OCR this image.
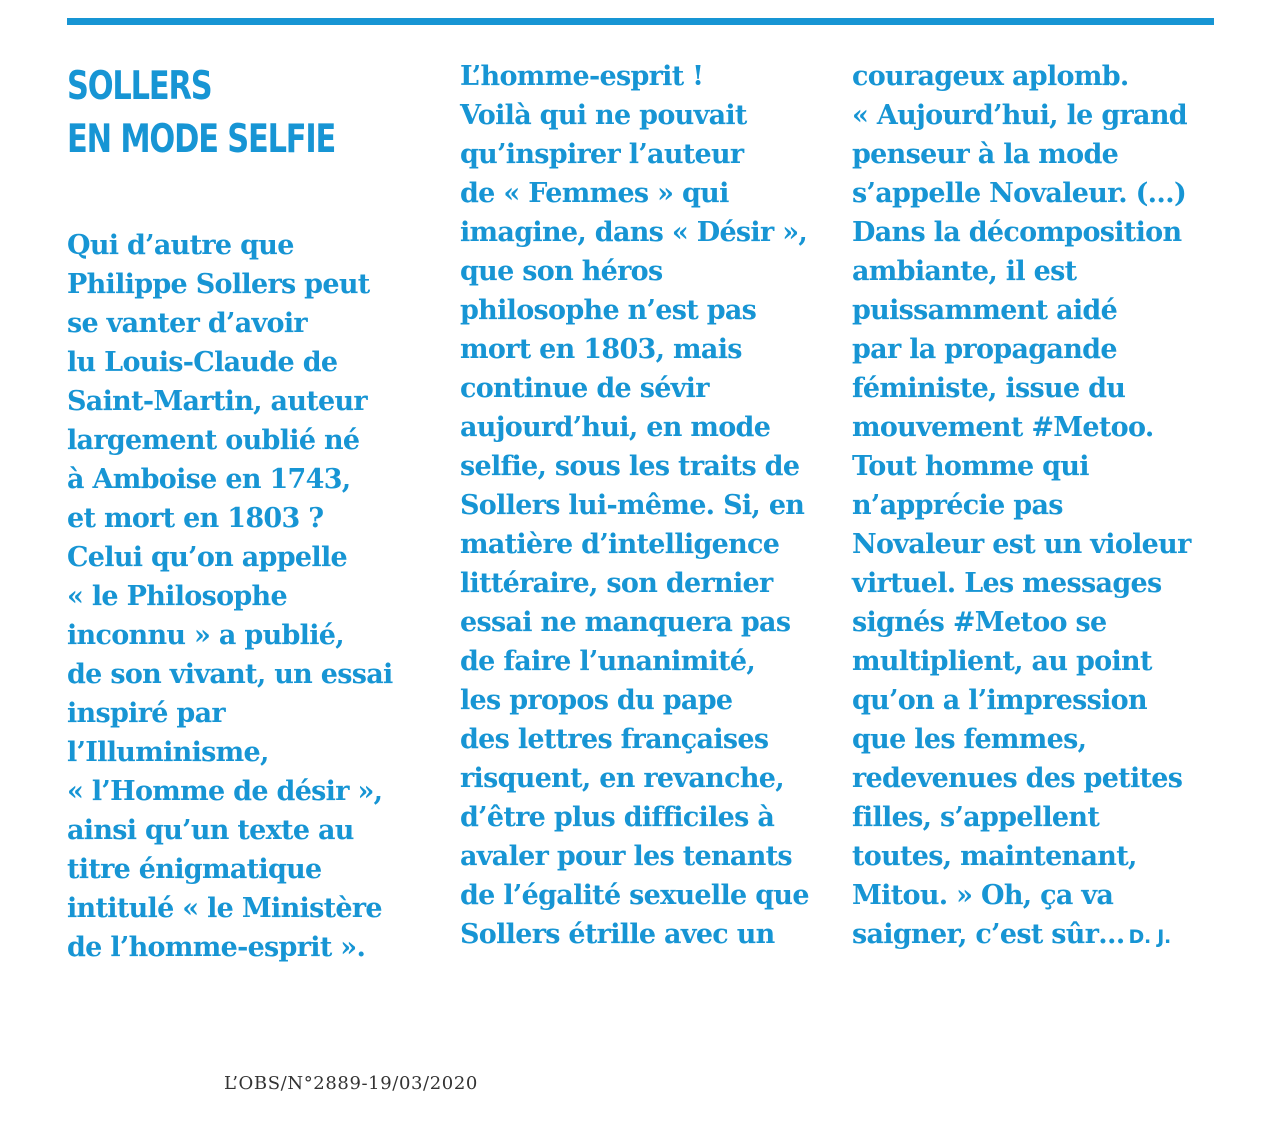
SOLLERS
EN MODE SELFIE
Qui d’autre que
Philippe Sollers peut
se vanter d’avoir
lu Louis-Claude de
Saint-Martin, auteur
largement oublié né
à Amboise en 1743,
et mort en 1803 ?
Celui qu’on appelle
« le Philosophe
inconnu » a publié,
de son vivant, un essai
inspiré par
l’Illuminisme,
« l’Homme de désir »,
ainsi qu’un texte au
titre énigmatique
intitulé « le Ministère
de l’homme-esprit ».
L’homme-esprit !
Voilà qui ne pouvait
qu’inspirer l’auteur
de « Femmes » qui
imagine, dans « Désir »,
que son héros
philosophe n’est pas
mort en 1803, mais
continue de sévir
aujourd’hui, en mode
selfie, sous les traits de
Sollers lui-même. Si, en
matière d’intelligence
littéraire, son dernier
essai ne manquera pas
de faire l’unanimité,
les propos du pape
des lettres françaises
risquent, en revanche,
d’être plus difficiles à
avaler pour les tenants
de l’égalité sexuelle que
Sollers étrille avec un
courageux aplomb.
« Aujourd’hui, le grand
penseur à la mode
s’appelle Novaleur. (…)
Dans la décomposition
ambiante, il est
puissamment aidé
par la propagande
féministe, issue du
mouvement #Metoo.
Tout homme qui
n’apprécie pas
Novaleur est un violeur
virtuel. Les messages
signés #Metoo se
multiplient, au point
qu’on a l’impression
que les femmes,
redevenues des petites
filles, s’appellent
toutes, maintenant,
Mitou. » Oh, ça va
saigner, c’est sûr… D. J.
L’OBS/N°2889-19/03/2020
